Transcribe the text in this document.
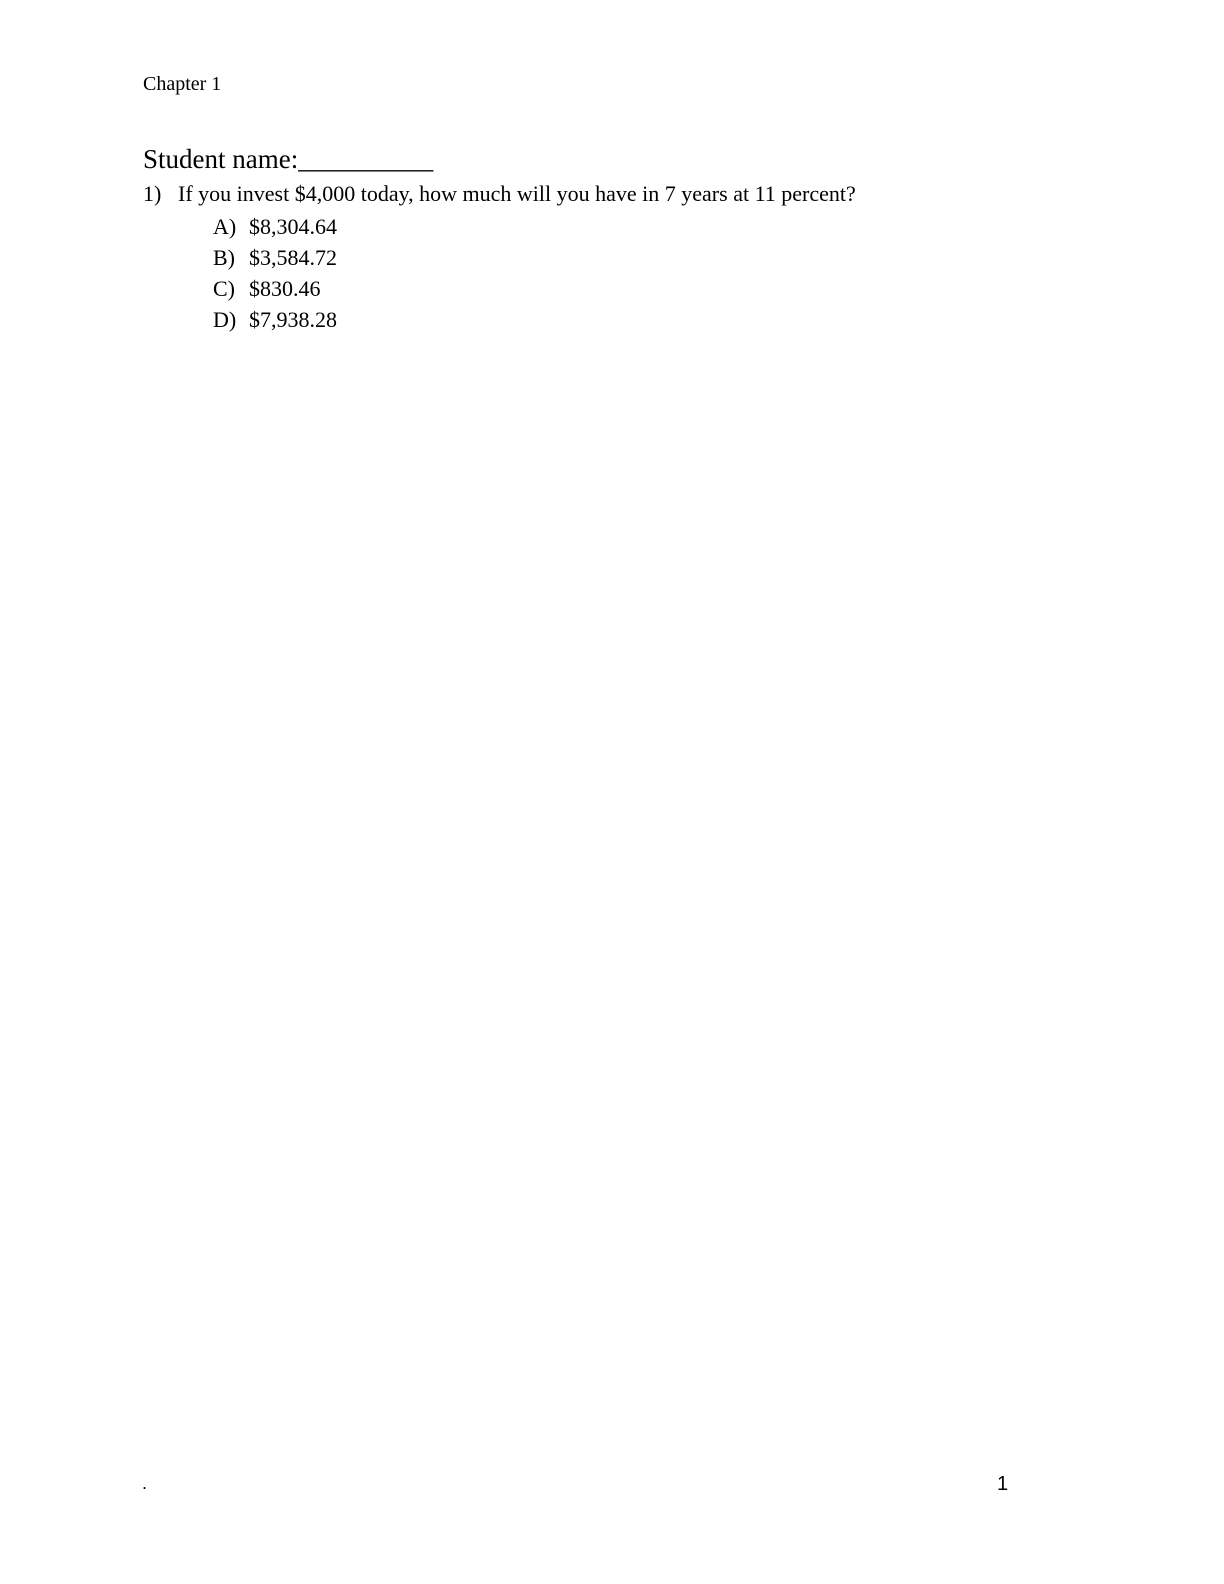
Chapter 1
Student name:__________
1) If you invest $4,000 today, how much will you have in 7 years at 11 percent?
A) $8,304.64
B) $3,584.72
C) $830.46
D) $7,938.28
.	1
